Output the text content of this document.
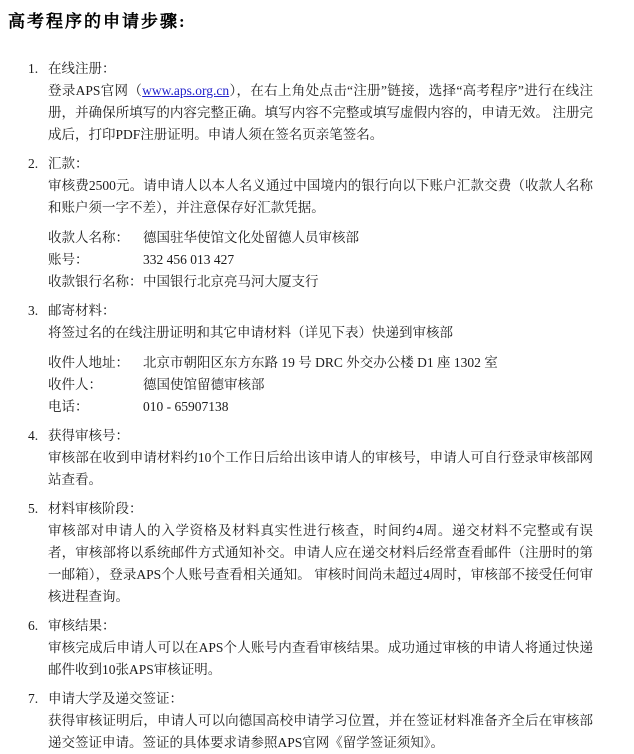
高考程序的申请步骤:
1. 在线注册：
登录APS官网（www.aps.org.cn），在右上角处点击“注册”链接，选择“高考程序”进行在线注册，并确保所填写的内容完整正确。填写内容不完整或填写虚假内容的，申请无效。 注册完成后，打印PDF注册证明。申请人须在签名页亲笔签名。
2. 汇款：
审核费2500元。请申请人以本人名义通过中国境内的银行向以下账户汇款交费（收款人名称和账户须一字不差），并注意保存好汇款凭据。
收款人名称：	德国驻华使馆文化处留德人员审核部
账号：	332 456 013 427
收款银行名称： 中国银行北京亮马河大厦支行
3. 邮寄材料：
将签过名的在线注册证明和其它申请材料（详见下表）快递到审核部
收件人地址：	北京市朝阳区东方东路 19 号 DRC 外交办公楼 D1 座 1302 室
收件人：	德国使馆留德审核部
电话：	010 - 65907138
4. 获得审核号：
审核部在收到申请材料约10个工作日后给出该申请人的审核号，申请人可自行登录审核部网站查看。
5. 材料审核阶段：
审核部对申请人的入学资格及材料真实性进行核查，时间约4周。递交材料不完整或有误者，审核部将以系统邮件方式通知补交。申请人应在递交材料后经常查看邮件（注册时的第一邮箱），登录APS个人账号查看相关通知。 审核时间尚未超过4周时，审核部不接受任何审核进程查询。
6. 审核结果：
审核完成后申请人可以在APS个人账号内查看审核结果。成功通过审核的申请人将通过快递邮件收到10张APS审核证明。
7. 申请大学及递交签证：
获得审核证明后，申请人可以向德国高校申请学习位置，并在签证材料准备齐全后在审核部递交签证申请。签证的具体要求请参照APS官网《留学签证须知》。
